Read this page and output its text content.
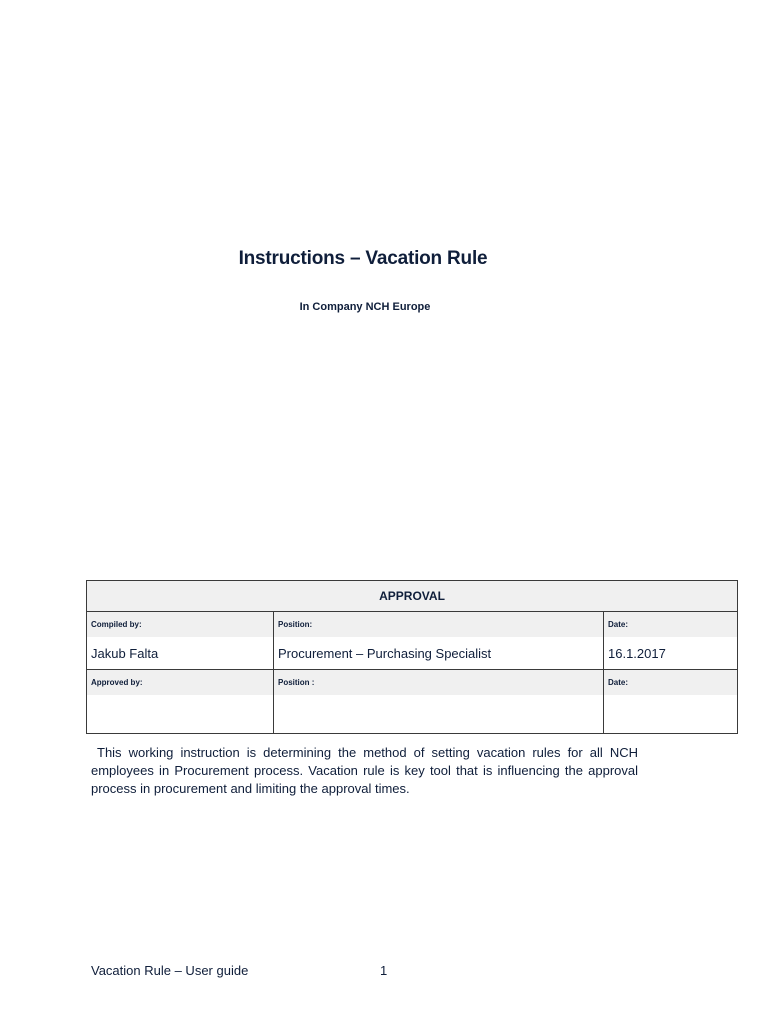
Instructions – Vacation Rule
In Company NCH Europe
APPROVAL		
Compiled by:	Position:	Date:
Jakub Falta	Procurement – Purchasing Specialist	16.1.2017
Approved by:	Position :	Date:

This working instruction is determining the method of setting vacation rules for all NCH employees in Procurement process. Vacation rule is key tool that is influencing the approval process in procurement and limiting the approval times.
Vacation Rule – User guide	1
